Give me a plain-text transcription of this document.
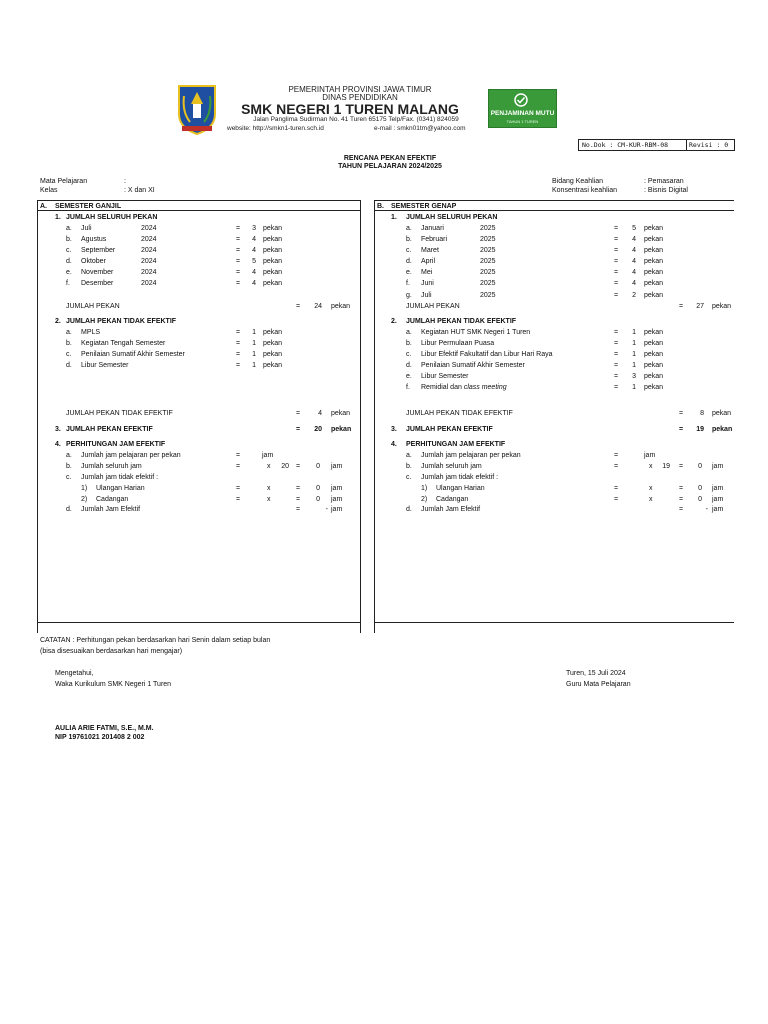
PEMERINTAH PROVINSI JAWA TIMUR
DINAS PENDIDIKAN
SMK NEGERI 1 TUREN MALANG
Jalan Panglima Sudirman No. 41 Turen 65175 Telp/Fax. (0341) 824059
website: http://smkn1-turen.sch.id	e-mail : smkn01tm@yahoo.com
PENJAMINAN MUTU
TAHUN 1 TUREN
No.Dok : CM-KUR-RBM-08	Revisi : 0
RENCANA PEKAN EFEKTIF
TAHUN PELAJARAN 2024/2025
Mata Pelajaran	:
Kelas	: X dan XI
Bidang Keahlian	: Pemasaran
Konsentrasi keahlian	: Bisnis Digital
A. SEMESTER GANJIL
1. JUMLAH SELURUH PEKAN
a. Juli	2024	=	3 pekan
b. Agustus	2024	=	4 pekan
c. September	2024	=	4 pekan
d. Oktober	2024	=	5 pekan
e. November	2024	=	4 pekan
f. Desember	2024	=	4 pekan
JUMLAH PEKAN	=	24 pekan
2. JUMLAH PEKAN TIDAK EFEKTIF
a. MPLS	=	1 pekan
b. Kegiatan Tengah Semester	=	1 pekan
c. Penilaian Sumatif Akhir Semester	=	1 pekan
d. Libur Semester	=	1 pekan
JUMLAH PEKAN TIDAK EFEKTIF	=	4 pekan
3. JUMLAH PEKAN EFEKTIF	=	20 pekan
4. PERHITUNGAN JAM EFEKTIF
a. Jumlah jam pelajaran per pekan	=	jam
b. Jumlah seluruh jam	=	x	20 =	0 jam
c. Jumlah jam tidak efektif :
1) Ulangan Harian	=	x	=	0 jam
2) Cadangan	=	x	=	0 jam
d. Jumlah Jam Efektif	=	- jam
B. SEMESTER GENAP
1. JUMLAH SELURUH PEKAN
a. Januari	2025	=	5 pekan
b. Februari	2025	=	4 pekan
c. Maret	2025	=	4 pekan
d. April	2025	=	4 pekan
e. Mei	2025	=	4 pekan
f. Juni	2025	=	4 pekan
g. Juli	2025	=	2 pekan
JUMLAH PEKAN	=	27 pekan
2. JUMLAH PEKAN TIDAK EFEKTIF
a. Kegiatan HUT SMK Negeri 1 Turen	=	1 pekan
b. Libur Permulaan Puasa	=	1 pekan
c. Libur Efektif Fakultatif dan Libur Hari Raya	=	1 pekan
d. Penilaian Sumatif Akhir Semester	=	1 pekan
e. Libur Semester	=	3 pekan
f. Remidial dan class meeting	=	1 pekan
JUMLAH PEKAN TIDAK EFEKTIF	=	8 pekan
3. JUMLAH PEKAN EFEKTIF	=	19 pekan
4. PERHITUNGAN JAM EFEKTIF
a. Jumlah jam pelajaran per pekan	=	jam
b. Jumlah seluruh jam	=	x	19 =	0 jam
c. Jumlah jam tidak efektif :
1) Ulangan Harian	=	x	=	0 jam
2) Cadangan	=	x	=	0 jam
d. Jumlah Jam Efektif	=	- jam
CATATAN : Perhitungan pekan berdasarkan hari Senin dalam setiap bulan
(bisa disesuaikan berdasarkan hari mengajar)
Mengetahui,
Waka Kurikulum SMK Negeri 1 Turen
Turen, 15 Juli 2024
Guru Mata Pelajaran
AULIA ARIE FATMI, S.E., M.M.
NIP 19761021 201408 2 002
